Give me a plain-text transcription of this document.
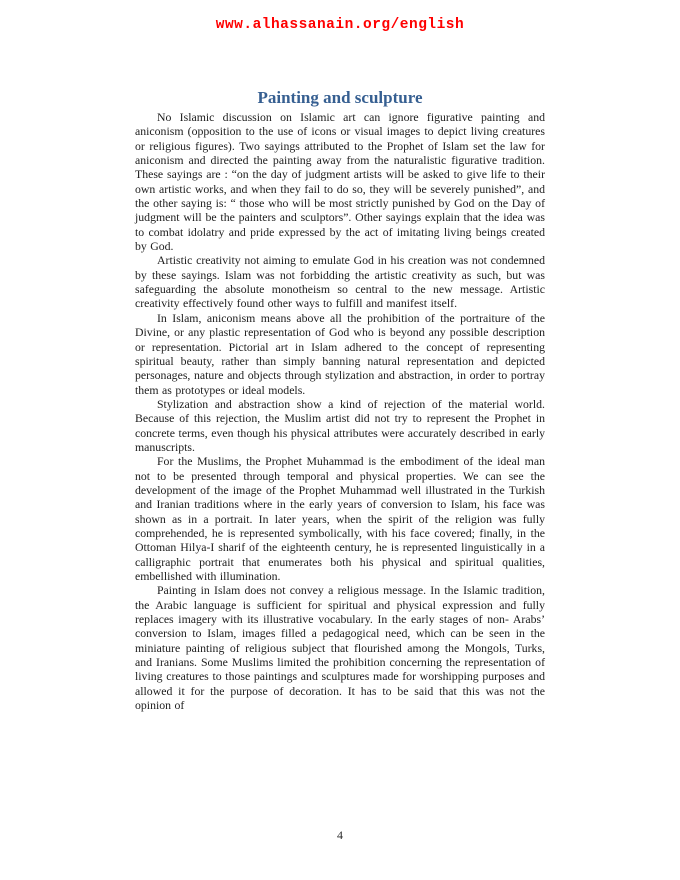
www.alhassanain.org/english
Painting and sculpture

No Islamic discussion on Islamic art can ignore figurative painting and aniconism (opposition to the use of icons or visual images to depict living creatures or religious figures). Two sayings attributed to the Prophet of Islam set the law for aniconism and directed the painting away from the naturalistic figurative tradition. These sayings are : “on the day of judgment artists will be asked to give life to their own artistic works, and when they fail to do so, they will be severely punished”, and the other saying is: “ those who will be most strictly punished by God on the Day of judgment will be the painters and sculptors”. Other sayings explain that the idea was to combat idolatry and pride expressed by the act of imitating living beings created by God.

Artistic creativity not aiming to emulate God in his creation was not condemned by these sayings. Islam was not forbidding the artistic creativity as such, but was safeguarding the absolute monotheism so central to the new message. Artistic creativity effectively found other ways to fulfill and manifest itself.

In Islam, aniconism means above all the prohibition of the portraiture of the Divine, or any plastic representation of God who is beyond any possible description or representation. Pictorial art in Islam adhered to the concept of representing spiritual beauty, rather than simply banning natural representation and depicted personages, nature and objects through stylization and abstraction, in order to portray them as prototypes or ideal models.

Stylization and abstraction show a kind of rejection of the material world. Because of this rejection, the Muslim artist did not try to represent the Prophet in concrete terms, even though his physical attributes were accurately described in early manuscripts.

For the Muslims, the Prophet Muhammad is the embodiment of the ideal man not to be presented through temporal and physical properties. We can see the development of the image of the Prophet Muhammad well illustrated in the Turkish and Iranian traditions where in the early years of conversion to Islam, his face was shown as in a portrait. In later years, when the spirit of the religion was fully comprehended, he is represented symbolically, with his face covered; finally, in the Ottoman Hilya-I sharif of the eighteenth century, he is represented linguistically in a calligraphic portrait that enumerates both his physical and spiritual qualities, embellished with illumination.

Painting in Islam does not convey a religious message. In the Islamic tradition, the Arabic language is sufficient for spiritual and physical expression and fully replaces imagery with its illustrative vocabulary. In the early stages of non- Arabs’ conversion to Islam, images filled a pedagogical need, which can be seen in the miniature painting of religious subject that flourished among the Mongols, Turks, and Iranians. Some Muslims limited the prohibition concerning the representation of living creatures to those paintings and sculptures made for worshipping purposes and allowed it for the purpose of decoration. It has to be said that this was not the opinion of

4
